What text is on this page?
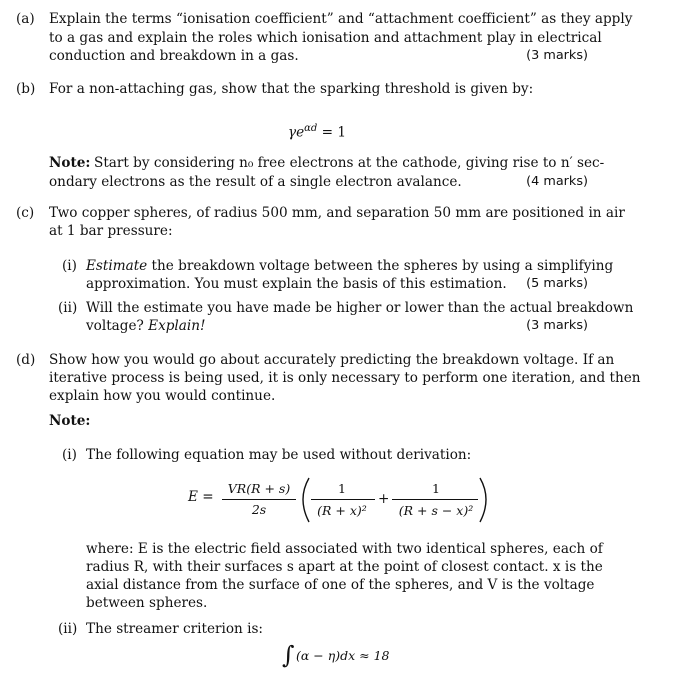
(a) Explain the terms “ionisation coefficient” and “attachment coefficient” as they apply
to a gas and explain the roles which ionisation and attachment play in electrical
conduction and breakdown in a gas.	(3 marks)
(b) For a non-attaching gas, show that the sparking threshold is given by:
$\gamma e^{\alpha d} = 1$
Note: Start by considering n₀ free electrons at the cathode, giving rise to n′ sec-
ondary electrons as the result of a single electron avalance.	(4 marks)
(c) Two copper spheres, of radius 500 mm, and separation 50 mm are positioned in air
at 1 bar pressure:
(i) Estimate the breakdown voltage between the spheres by using a simplifying
approximation. You must explain the basis of this estimation. (5 marks)
(ii) Will the estimate you have made be higher or lower than the actual breakdown
voltage? Explain!	(3 marks)
(d) Show how you would go about accurately predicting the breakdown voltage. If an
iterative process is being used, it is only necessary to perform one iteration, and then
explain how you would continue.
Note:
(i) The following equation may be used without derivation:
E =
VR(R + s)
2s
1
(R + x)²
+
1
(R + s − x)²
where: E is the electric field associated with two identical spheres, each of
radius R, with their surfaces s apart at the point of closest contact. x is the
axial distance from the surface of one of the spheres, and V is the voltage
between spheres.
(ii) The streamer criterion is:
∫ (α − η)dx ≈ 18
